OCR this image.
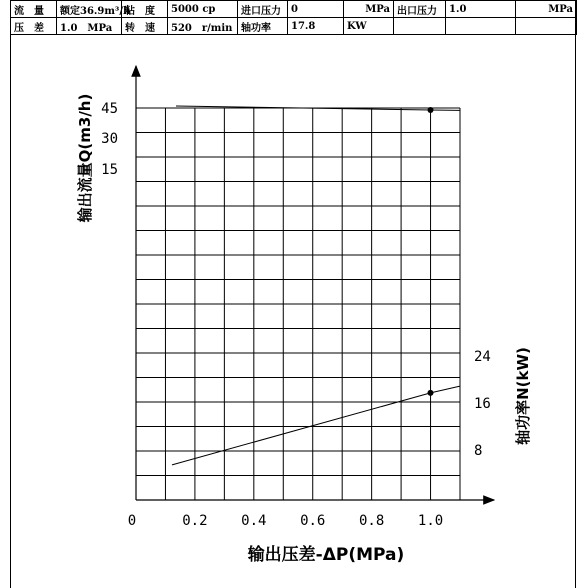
流　量	额定36.9m³/h	粘　度	5000 cp	进口压力	0	MPa	出口压力	1.0	MPa
压　差	1.0　MPa	转　速	520　r/min	轴功率	17.8	KW			
0	0.2 0.4 0.6 0.8 1.0
15
30
45
8
16
24
输出流量Q(m3/h)
轴功率N(kW)
输出压差-ΔP(MPa)
